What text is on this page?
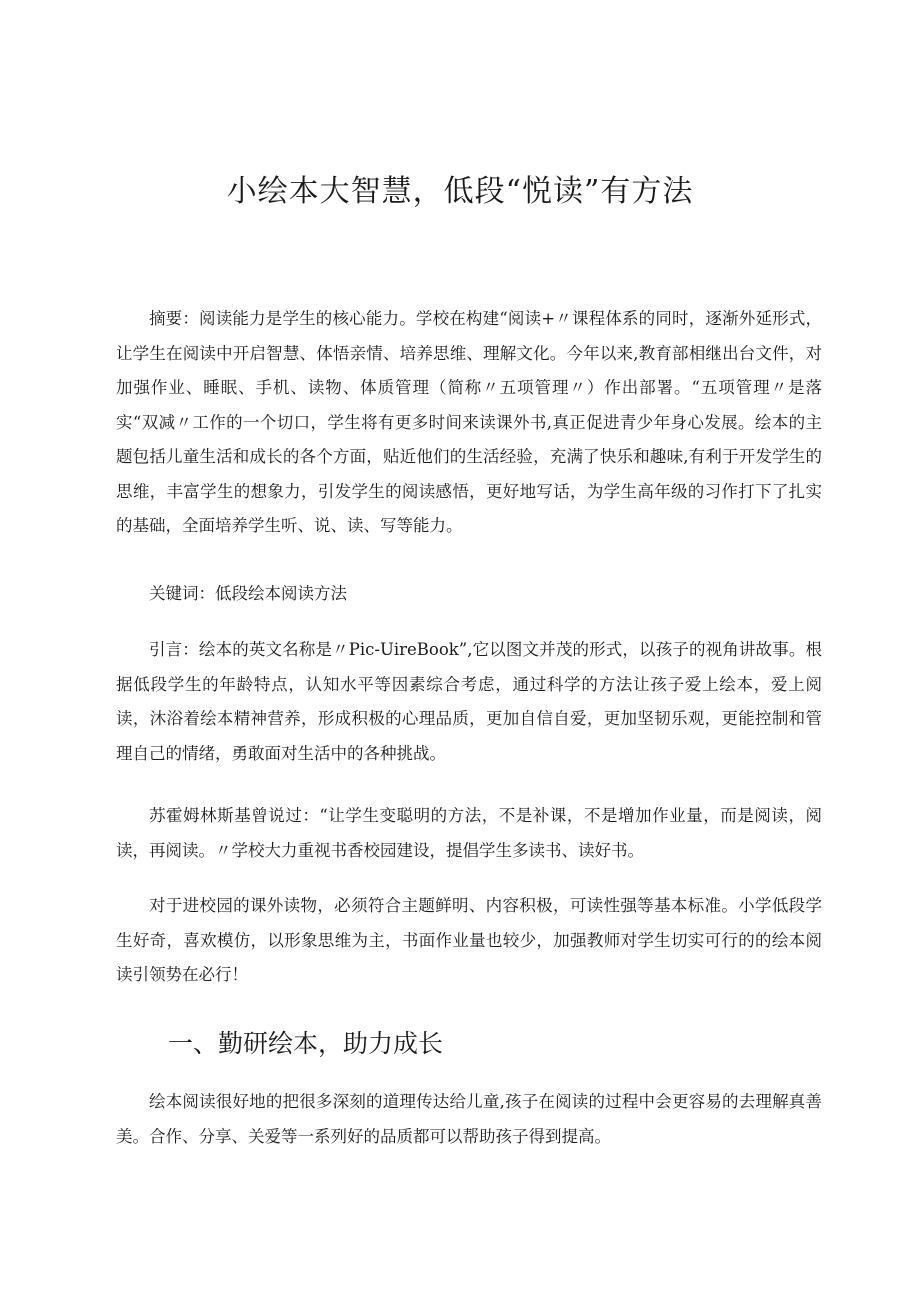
小绘本大智慧，低段“悦读”有方法

摘要：阅读能力是学生的核心能力。学校在构建“阅读+〃课程体系的同时，逐渐外延形式，让学生在阅读中开启智慧、体悟亲情、培养思维、理解文化。今年以来,教育部相继出台文件，对加强作业、睡眠、手机、读物、体质管理（简称〃五项管理〃）作出部署。“五项管理〃是落实“双减〃工作的一个切口，学生将有更多时间来读课外书,真正促进青少年身心发展。绘本的主题包括儿童生活和成长的各个方面，贴近他们的生活经验，充满了快乐和趣味,有利于开发学生的思维，丰富学生的想象力，引发学生的阅读感悟，更好地写话，为学生高年级的习作打下了扎实的基础，全面培养学生听、说、读、写等能力。

关键词：低段绘本阅读方法

引言：绘本的英文名称是〃Pic-UireBook”,它以图文并茂的形式，以孩子的视角讲故事。根据低段学生的年龄特点，认知水平等因素综合考虑，通过科学的方法让孩子爱上绘本，爱上阅读，沐浴着绘本精神营养，形成积极的心理品质，更加自信自爱，更加坚韧乐观，更能控制和管理自己的情绪，勇敢面对生活中的各种挑战。

苏霍姆林斯基曾说过：“让学生变聪明的方法，不是补课，不是增加作业量，而是阅读，阅读，再阅读。〃学校大力重视书香校园建设，提倡学生多读书、读好书。

对于进校园的课外读物，必须符合主题鲜明、内容积极，可读性强等基本标准。小学低段学生好奇，喜欢模仿，以形象思维为主，书面作业量也较少，加强教师对学生切实可行的的绘本阅读引领势在必行！

一、勤研绘本，助力成长

绘本阅读很好地的把很多深刻的道理传达给儿童,孩子在阅读的过程中会更容易的去理解真善美。合作、分享、关爱等一系列好的品质都可以帮助孩子得到提高。
